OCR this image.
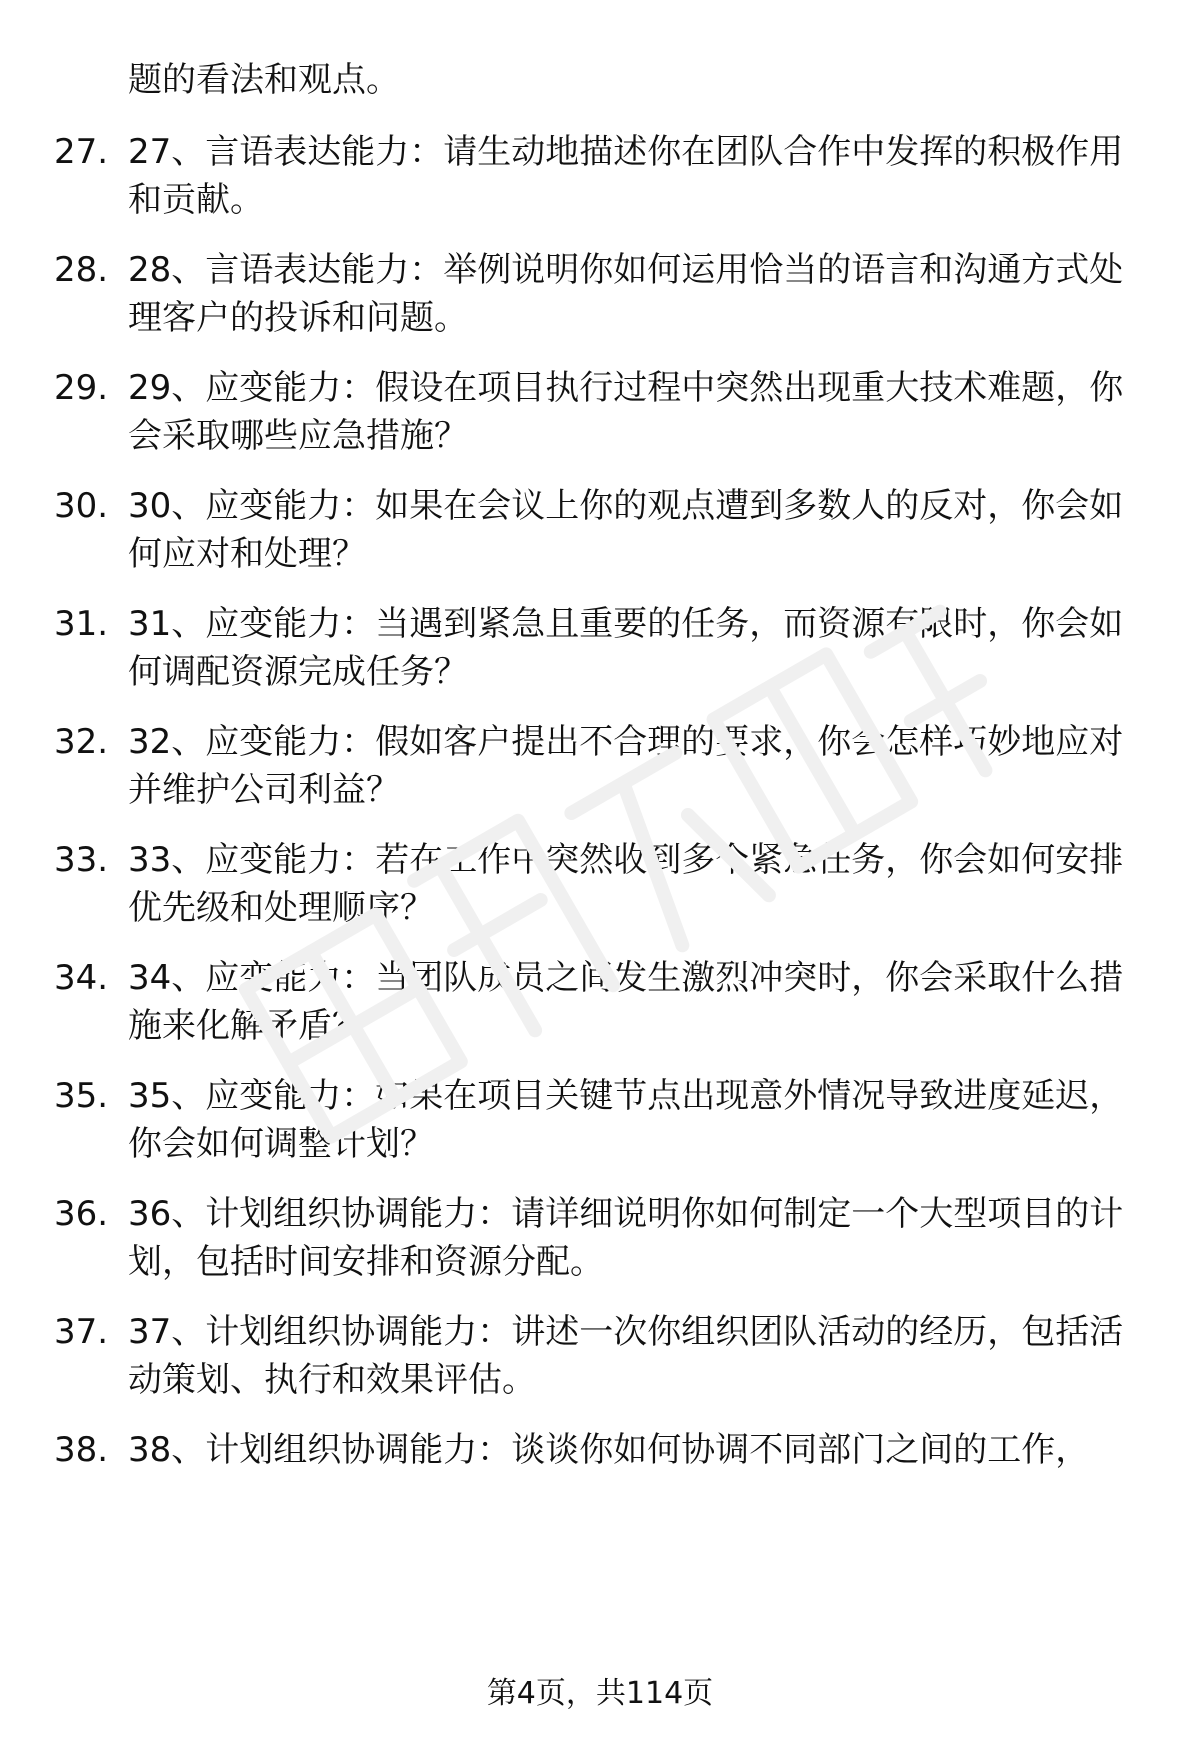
题的看法和观点。

27. 27、言语表达能力：请生动地描述你在团队合作中发挥的积极作用和贡献。

28. 28、言语表达能力：举例说明你如何运用恰当的语言和沟通方式处理客户的投诉和问题。

29. 29、应变能力：假设在项目执行过程中突然出现重大技术难题，你会采取哪些应急措施？

30. 30、应变能力：如果在会议上你的观点遭到多数人的反对，你会如何应对和处理？

31. 31、应变能力：当遇到紧急且重要的任务，而资源有限时，你会如何调配资源完成任务？

32. 32、应变能力：假如客户提出不合理的要求，你会怎样巧妙地应对并维护公司利益？

33. 33、应变能力：若在工作中突然收到多个紧急任务，你会如何安排优先级和处理顺序？

34. 34、应变能力：当团队成员之间发生激烈冲突时，你会采取什么措施来化解矛盾？

35. 35、应变能力：如果在项目关键节点出现意外情况导致进度延迟，你会如何调整计划？

36. 36、计划组织协调能力：请详细说明你如何制定一个大型项目的计划，包括时间安排和资源分配。

37. 37、计划组织协调能力：讲述一次你组织团队活动的经历，包括活动策划、执行和效果评估。

38. 38、计划组织协调能力：谈谈你如何协调不同部门之间的工作，

第4页，共114页
